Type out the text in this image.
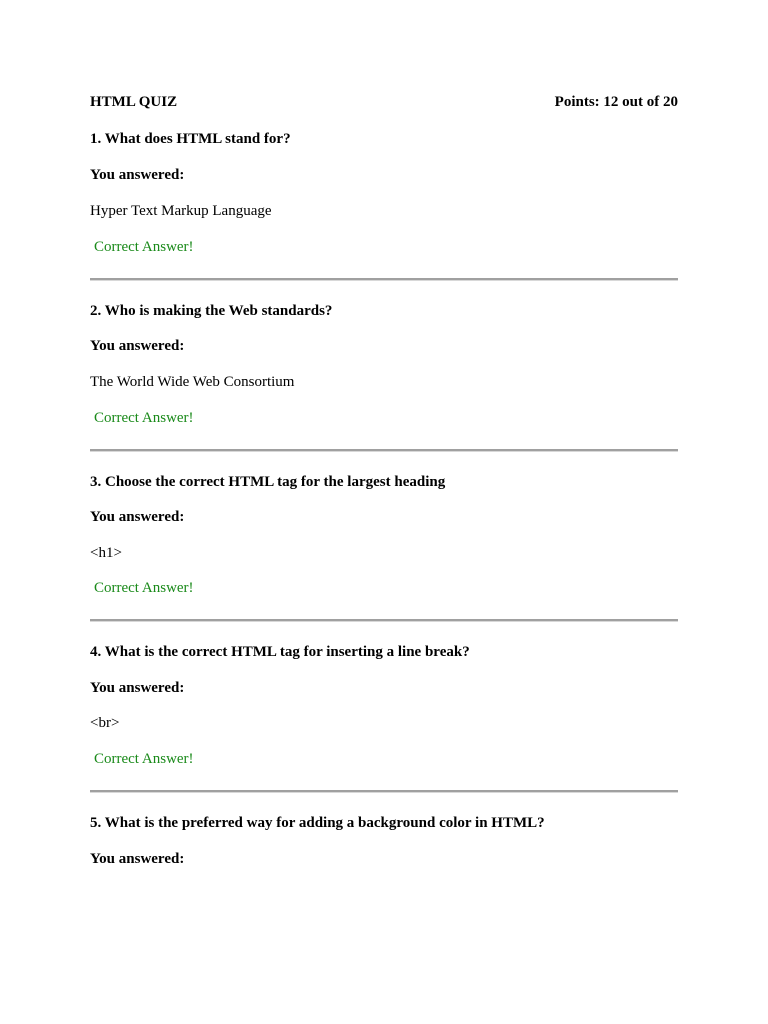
HTML QUIZ	Points: 12 out of 20

1. What does HTML stand for?

You answered:

Hyper Text Markup Language

Correct Answer!

2. Who is making the Web standards?

You answered:

The World Wide Web Consortium

Correct Answer!

3. Choose the correct HTML tag for the largest heading

You answered:

<h1>

Correct Answer!

4. What is the correct HTML tag for inserting a line break?

You answered:

<br>

Correct Answer!

5. What is the preferred way for adding a background color in HTML?

You answered:
